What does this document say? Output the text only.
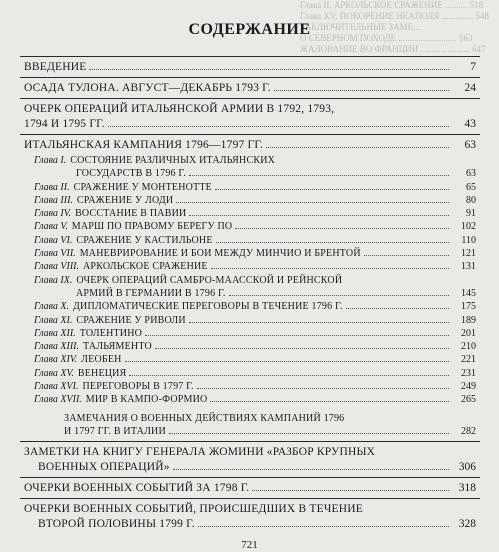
Глава II. АРКОЛЬСКОЕ СРАЖЕНИЕ .......... 518
Глава XV. ПОКОРЕНИЕ НЕАПОЛЯ .............. 548
ЗАКЛЮЧИТЕЛЬНЫЕ ЗАМЕ...
О СЕВЕРНОМ ПОХОДЕ .......................... 563
ЖАЛОВАНИЕ ВО ФРАНЦИИ ...................... 647
СОДЕРЖАНИЕ
ВВЕДЕНИЕ	7
ОСАДА ТУЛОНА. АВГУСТ—ДЕКАБРЬ 1793 Г.	24
ОЧЕРК ОПЕРАЦИЙ ИТАЛЬЯНСКОЙ АРМИИ В 1792, 1793,
1794 И 1795 ГГ.	43
ИТАЛЬЯНСКАЯ КАМПАНИЯ 1796—1797 ГГ.	63
Глава I. СОСТОЯНИЕ РАЗЛИЧНЫХ ИТАЛЬЯНСКИХ
ГОСУДАРСТВ В 1796 Г.	63
Глава II. СРАЖЕНИЕ У МОНТЕНОТТЕ	65
Глава III. СРАЖЕНИЕ У ЛОДИ	80
Глава IV. ВОССТАНИЕ В ПАВИИ	91
Глава V. МАРШ ПО ПРАВОМУ БЕРЕГУ ПО	102
Глава VI. СРАЖЕНИЕ У КАСТИЛЬОНЕ	110
Глава VII. МАНЕВРИРОВАНИЕ И БОИ МЕЖДУ МИНЧИО И БРЕНТОЙ	121
Глава VIII. АРКОЛЬСКОЕ СРАЖЕНИЕ	131
Глава IX. ОЧЕРК ОПЕРАЦИЙ САМБРО-МААССКОЙ И РЕЙНСКОЙ
АРМИЙ В ГЕРМАНИИ В 1796 Г.	145
Глава X. ДИПЛОМАТИЧЕСКИЕ ПЕРЕГОВОРЫ В ТЕЧЕНИЕ 1796 Г.	175
Глава XI. СРАЖЕНИЕ У РИВОЛИ	189
Глава XII. ТОЛЕНТИНО	201
Глава XIII. ТАЛЬЯМЕНТО	210
Глава XIV. ЛЕОБЕН	221
Глава XV. ВЕНЕЦИЯ	231
Глава XVI. ПЕРЕГОВОРЫ В 1797 Г.	249
Глава XVII. МИР В КАМПО-ФОРМИО	265
ЗАМЕЧАНИЯ О ВОЕННЫХ ДЕЙСТВИЯХ КАМПАНИЙ 1796
И 1797 ГГ. В ИТАЛИИ	282
ЗАМЕТКИ НА КНИГУ ГЕНЕРАЛА ЖОМИНИ «РАЗБОР КРУПНЫХ
ВОЕННЫХ ОПЕРАЦИЙ»	306
ОЧЕРКИ ВОЕННЫХ СОБЫТИЙ ЗА 1798 Г.	318
ОЧЕРКИ ВОЕННЫХ СОБЫТИЙ, ПРОИСШЕДШИХ В ТЕЧЕНИЕ
ВТОРОЙ ПОЛОВИНЫ 1799 Г.	328
721
